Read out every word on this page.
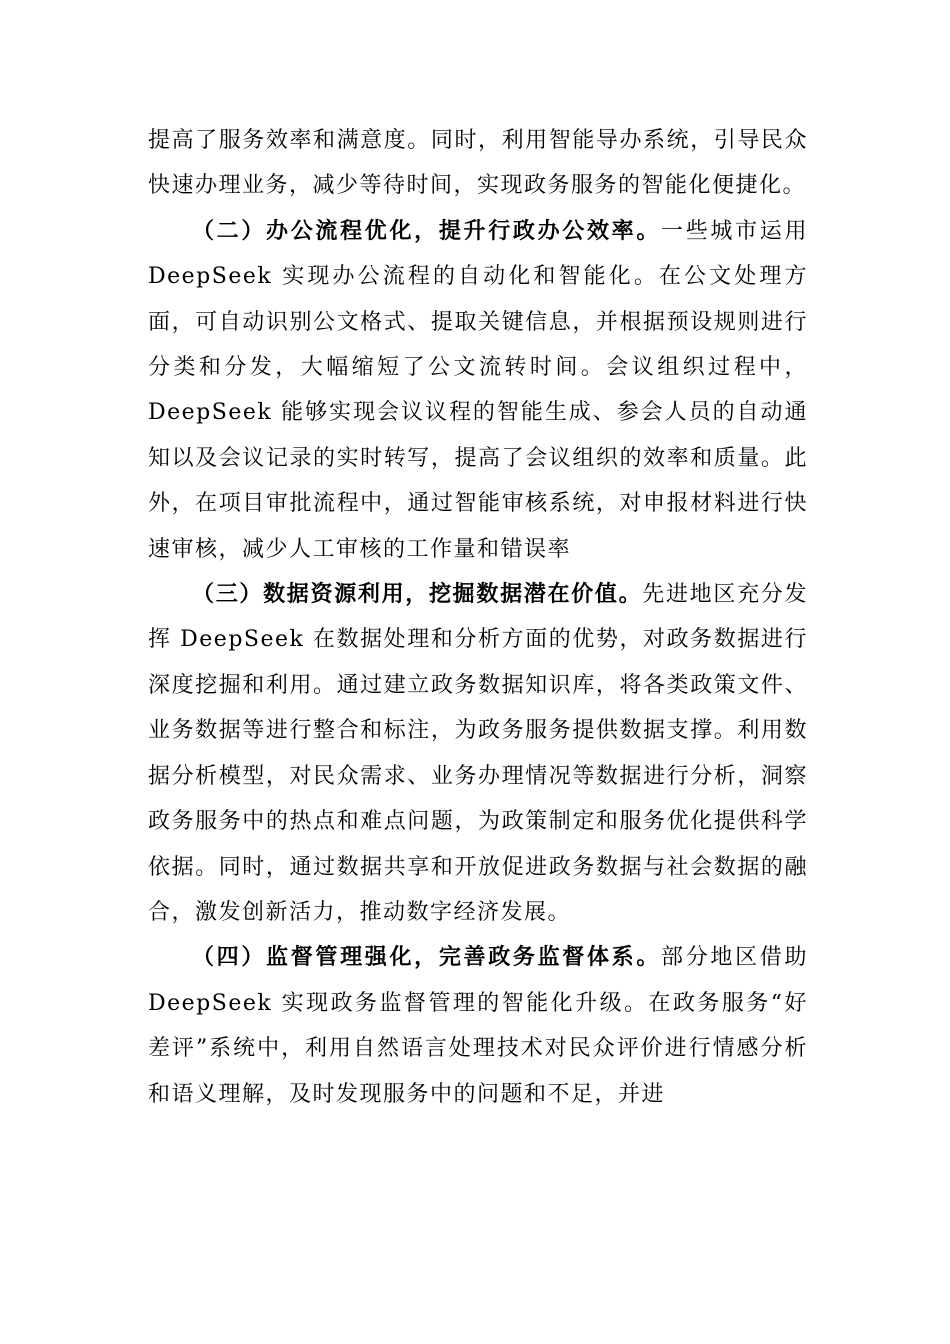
提高了服务效率和满意度。同时，利用智能导办系统，引导民众快速办理业务，减少等待时间，实现政务服务的智能化便捷化。

（二）办公流程优化，提升行政办公效率。一些城市运用 DeepSeek 实现办公流程的自动化和智能化。在公文处理方面，可自动识别公文格式、提取关键信息，并根据预设规则进行分类和分发，大幅缩短了公文流转时间。会议组织过程中，DeepSeek 能够实现会议议程的智能生成、参会人员的自动通知以及会议记录的实时转写，提高了会议组织的效率和质量。此外，在项目审批流程中，通过智能审核系统，对申报材料进行快速审核，减少人工审核的工作量和错误率

（三）数据资源利用，挖掘数据潜在价值。先进地区充分发挥 DeepSeek 在数据处理和分析方面的优势，对政务数据进行深度挖掘和利用。通过建立政务数据知识库，将各类政策文件、业务数据等进行整合和标注，为政务服务提供数据支撑。利用数据分析模型，对民众需求、业务办理情况等数据进行分析，洞察政务服务中的热点和难点问题，为政策制定和服务优化提供科学依据。同时，通过数据共享和开放促进政务数据与社会数据的融合，激发创新活力，推动数字经济发展。

（四）监督管理强化，完善政务监督体系。部分地区借助 DeepSeek 实现政务监督管理的智能化升级。在政务服务“好差评”系统中，利用自然语言处理技术对民众评价进行情感分析和语义理解，及时发现服务中的问题和不足，并进
